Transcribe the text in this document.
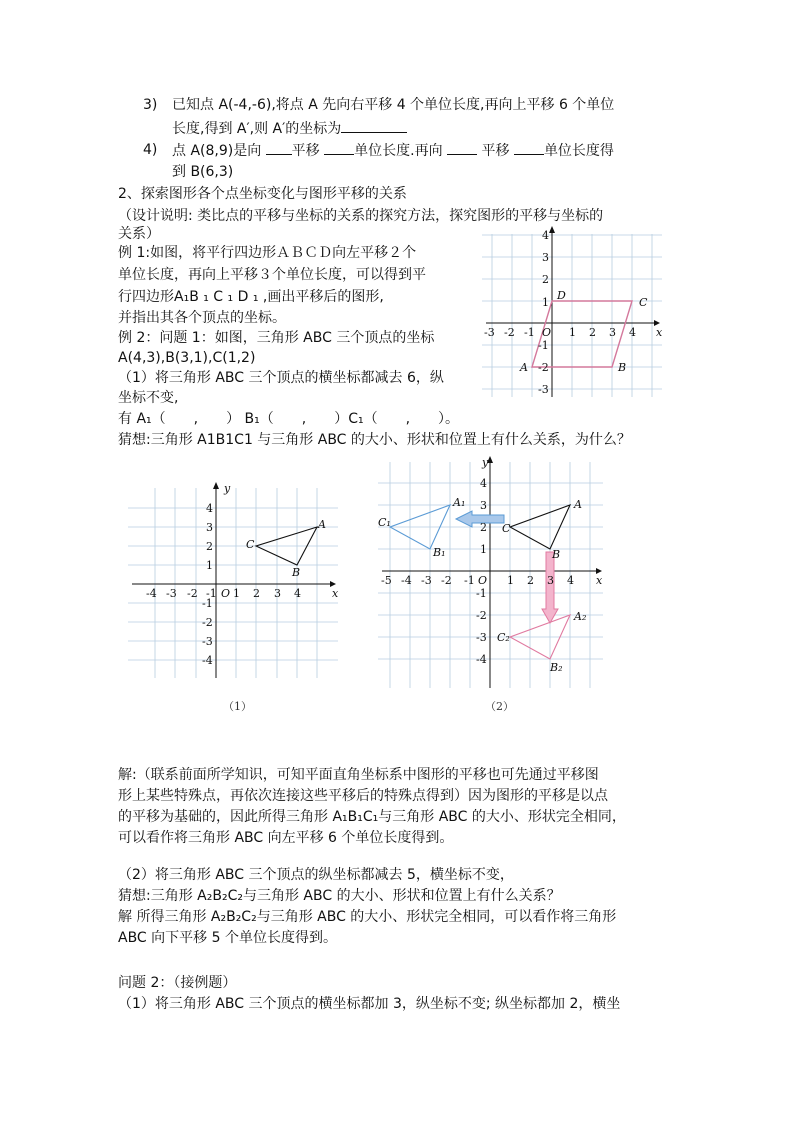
3) 已知点 A(-4,-6),将点 A 先向右平移 4 个单位长度,再向上平移 6 个单位
长度,得到 A′,则 A′的坐标为
4) 点 A(8,9)是向 平移 单位长度.再向	平移 单位长度得
到 B(6,3)
2、探索图形各个点坐标变化与图形平移的关系
（设计说明: 类比点的平移与坐标的关系的探究方法，探究图形的平移与坐标的
关系）
例 1:如图，将平行四边形ＡＢＣＤ向左平移２个
单位长度，再向上平移３个单位长度，可以得到平
行四边形A₁B ₁ C ₁ D ₁ ,画出平移后的图形,
并指出其各个顶点的坐标。
例 2：问题 1：如图，三角形 ABC 三个顶点的坐标
A(4,3),B(3,1),C(1,2)
（1）将三角形 ABC 三个顶点的横坐标都减去 6，纵
坐标不变,
有 A₁（　　,　　） B₁（　　,　　）C₁（　　,　　）。
猜想:三角形 A1B1C1 与三角形 ABC 的大小、形状和位置上有什么关系，为什么？
-3 -2 -1 O 1 2 3 4 x
4
3
2
1
-1
-2
-3
D
C
A	B
-4 -3 -2 -1 O 1 2 3 4	x
y
4
3
2
1
-1
-2
-3
-4
A
B
C
（1）
-5 -4 -3 -2 -1 O 1 2 3 4 x
y
4
3
2
1
-1
-2
-3
-4
A
B
C
A₁
B₁
C₁
A₂
B₂
C₂
（2）
解:（联系前面所学知识，可知平面直角坐标系中图形的平移也可先通过平移图
形上某些特殊点，再依次连接这些平移后的特殊点得到）因为图形的平移是以点
的平移为基础的，因此所得三角形 A₁B₁C₁与三角形 ABC 的大小、形状完全相同，
可以看作将三角形 ABC 向左平移 6 个单位长度得到。
（2）将三角形 ABC 三个顶点的纵坐标都减去 5，横坐标不变，
猜想:三角形 A₂B₂C₂与三角形 ABC 的大小、形状和位置上有什么关系？
解 所得三角形 A₂B₂C₂与三角形 ABC 的大小、形状完全相同，可以看作将三角形
ABC 向下平移 5 个单位长度得到。
问题 2：（接例题）
（1）将三角形 ABC 三个顶点的横坐标都加 3，纵坐标不变; 纵坐标都加 2，横坐
